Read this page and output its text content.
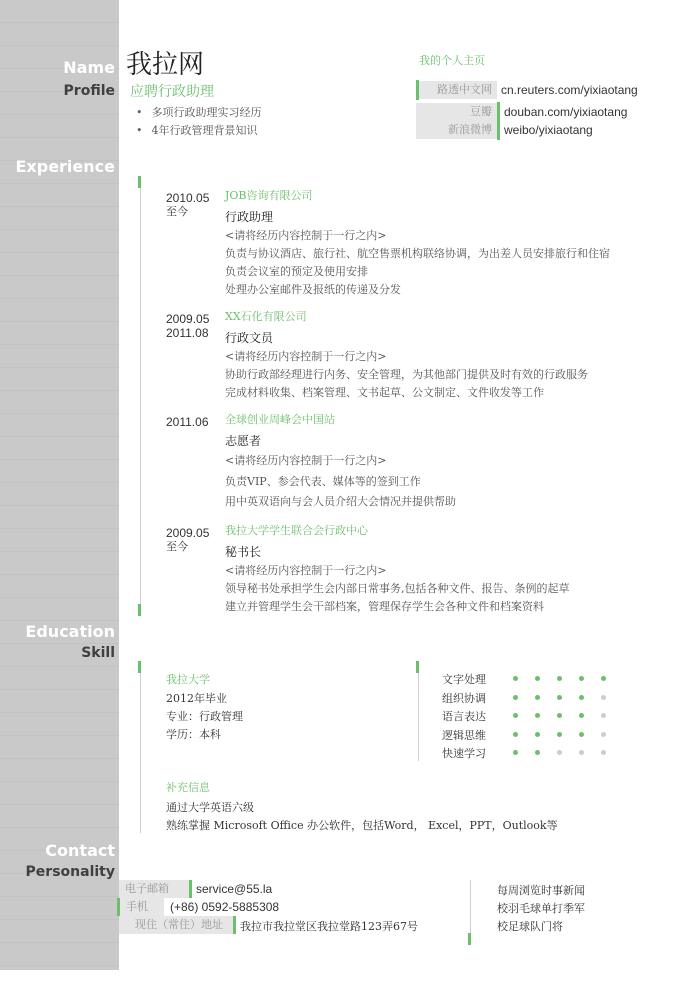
Name
Profile
Experience
Education
Skill
Contact
Personality
我拉网
应聘行政助理
• 多项行政助理实习经历
• 4年行政管理背景知识
我的个人主页
路透中文网 cn.reuters.com/yixiaotang
豆瓣	douban.com/yixiaotang
新浪微博	weibo/yixiaotang
2010.05
至今
JOB咨询有限公司
行政助理
<请将经历内容控制于一行之内>
负责与协议酒店、旅行社、航空售票机构联络协调，为出差人员安排旅行和住宿
负责会议室的预定及使用安排
处理办公室邮件及报纸的传递及分发
2009.05
2011.08
XX石化有限公司
行政文员
<请将经历内容控制于一行之内>
协助行政部经理进行内务、安全管理，为其他部门提供及时有效的行政服务
完成材料收集、档案管理、文书起草、公文制定、文件收发等工作
2011.06 全球创业周峰会中国站
志愿者
<请将经历内容控制于一行之内>
负责VIP、参会代表、媒体等的签到工作
用中英双语向与会人员介绍大会情况并提供帮助
2009.05
至今
我拉大学学生联合会行政中心
秘书长
<请将经历内容控制于一行之内>
领导秘书处承担学生会内部日常事务,包括各种文件、报告、条例的起草
建立并管理学生会干部档案，管理保存学生会各种文件和档案资料
我拉大学
2012年毕业
专业：行政管理
学历：本科
补充信息
通过大学英语六级
熟练掌握 Microsoft Office 办公软件，包括Word， Excel，PPT，Outlook等
文字处理
组织协调
语言表达
逻辑思维
快速学习
电子邮箱	service@55.la
手机	(+86) 0592-5885308
现住（常住）地址	我拉市我拉堂区我拉堂路123弄67号
每周浏览时事新闻
校羽毛球单打季军
校足球队门将
